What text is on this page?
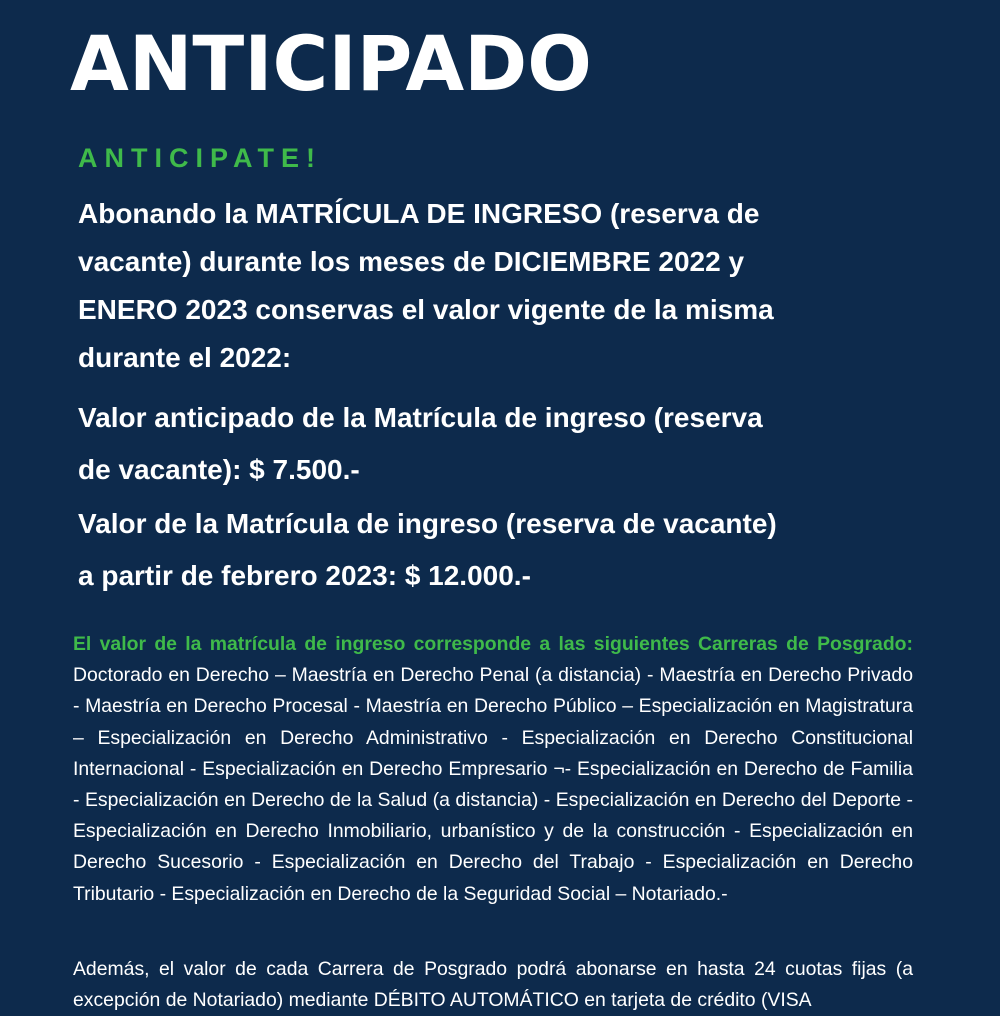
ANTICIPADO
ANTICIPATE!

Abonando la MATRÍCULA DE INGRESO (reserva de
vacante) durante los meses de DICIEMBRE 2022 y
ENERO 2023 conservas el valor vigente de la misma
durante el 2022:

Valor anticipado de la Matrícula de ingreso (reserva
de vacante): $ 7.500.-

Valor de la Matrícula de ingreso (reserva de vacante)
a partir de febrero 2023: $ 12.000.-

El valor de la matrícula de ingreso corresponde a las siguientes Carreras de Posgrado: Doctorado en Derecho – Maestría en Derecho Penal (a distancia) - Maestría en Derecho Privado - Maestría en Derecho Procesal - Maestría en Derecho Público – Especialización en Magistratura – Especialización en Derecho Administrativo - Especialización en Derecho Constitucional Internacional - Especialización en Derecho Empresario ¬- Especialización en Derecho de Familia - Especialización en Derecho de la Salud (a distancia) - Especialización en Derecho del Deporte - Especialización en Derecho Inmobiliario, urbanístico y de la construcción - Especialización en Derecho Sucesorio - Especialización en Derecho del Trabajo - Especialización en Derecho Tributario - Especialización en Derecho de la Seguridad Social – Notariado.-

Además, el valor de cada Carrera de Posgrado podrá abonarse en hasta 24 cuotas fijas (a excepción de Notariado) mediante DÉBITO AUTOMÁTICO en tarjeta de crédito (VISA
